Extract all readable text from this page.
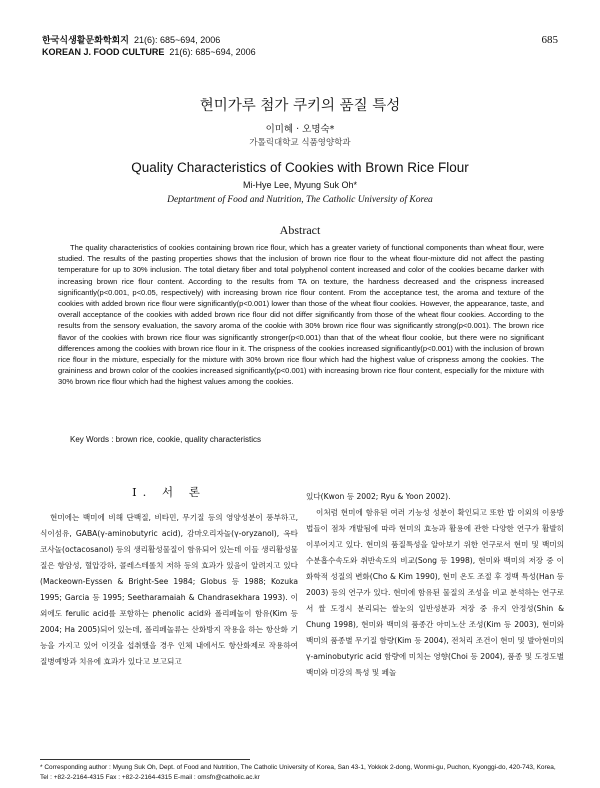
한국식생활문화학회지 21(6): 685~694, 2006
KOREAN J. FOOD CULTURE 21(6): 685~694, 2006
685
현미가루 첨가 쿠키의 품질 특성
이미혜 · 오명숙*
가톨릭대학교 식품영양학과
Quality Characteristics of Cookies with Brown Rice Flour
Mi-Hye Lee, Myung Suk Oh*
Deptartment of Food and Nutrition, The Catholic University of Korea
Abstract

The quality characteristics of cookies containing brown rice flour, which has a greater variety of functional components than wheat flour, were studied. The results of the pasting properties shows that the inclusion of brown rice flour to the wheat flour-mixture did not affect the pasting temperature for up to 30% inclusion. The total dietary fiber and total polyphenol content increased and color of the cookies became darker with increasing brown rice flour content. According to the results from TA on texture, the hardness decreased and the crispness increased significantly(p<0.001, p<0.05, respectively) with increasing brown rice flour content. From the acceptance test, the aroma and texture of the cookies with added brown rice flour were significantly(p<0.001) lower than those of the wheat flour cookies. However, the appearance, taste, and overall acceptance of the cookies with added brown rice flour did not differ significantly from those of the wheat flour cookies. According to the results from the sensory evaluation, the savory aroma of the cookie with 30% brown rice flour was significantly strong(p<0.001). The brown rice flavor of the cookies with brown rice flour was significantly stronger(p<0.001) than that of the wheat flour cookie, but there were no significant differences among the cookies with brown rice flour in it. The crispness of the cookies increased significantly(p<0.001) with the inclusion of brown rice flour in the mixture, especially for the mixture with 30% brown rice flour which had the highest value of crispness among the cookies. The graininess and brown color of the cookies increased significantly(p<0.001) with increasing brown rice flour content, especially for the mixture with 30% brown rice flour which had the highest values among the cookies.

Key Words : brown rice, cookie, quality characteristics
I. 서 론

현미에는 백미에 비해 단백질, 비타민, 무기질 등의 영양성분이 풍부하고, 식이섬유, GABA(γ-aminobutyric acid), 감마오리자놀(γ-oryzanol), 옥타코사놀(octacosanol) 등의 생리활성물질이 함유되어 있는데 이들 생리활성물질은 항암성, 혈압강하, 콜레스테롤치 저하 등의 효과가 있음이 알려지고 있다(Mackeown-Eyssen & Bright-See 1984; Globus 등 1988; Kozuka 1995; Garcia 등 1995; Seetharamaiah & Chandrasekhara 1993). 이 외에도 ferulic acid를 포함하는 phenolic acid와 폴리페놀이 함유(Kim 등 2004; Ha 2005)되어 있는데, 폴리페놀류는 산화방지 작용을 하는 항산화 기능을 가지고 있어 이것을 섭취했을 경우 인체 내에서도 항산화제로 작용하여 질병예방과 치유에 효과가 있다고 보고되고

있다(Kwon 등 2002; Ryu & Yoon 2002).

이처럼 현미에 함유된 여러 기능성 성분이 확인되고 또한 밥 이외의 이용방법들이 점차 개발됨에 따라 현미의 효능과 활용에 관한 다양한 연구가 활발히 이루어지고 있다. 현미의 품질특성을 알아보기 위한 연구로서 현미 및 백미의 수분흡수속도와 취반속도의 비교(Song 등 1998), 현미와 백미의 저장 중 이화학적 성질의 변화(Cho & Kim 1990), 현미 온도 조절 후 정백 특성(Han 등 2003) 등의 연구가 있다. 현미에 함유된 물질의 조성을 비교 분석하는 연구로서 쌀 도정시 분리되는 쌀눈의 일반성분과 저장 중 유지 안정성(Shin & Chung 1998), 현미와 백미의 품종간 아미노산 조성(Kim 등 2003), 현미와 백미의 품종별 무기질 함량(Kim 등 2004), 전처리 조건이 현미 및 발아현미의 γ-aminobutyric acid 함량에 미치는 영향(Choi 등 2004), 품종 및 도정도별 백미와 미강의 특성 및 페놀

* Corresponding author : Myung Suk Oh, Dept. of Food and Nutrition, The Catholic University of Korea, San 43-1, Yokkok 2-dong, Wonmi-gu, Puchon, Kyonggi-do, 420-743, Korea, Tel : +82-2-2164-4315 Fax : +82-2-2164-4315 E-mail : omsfn@catholic.ac.kr
